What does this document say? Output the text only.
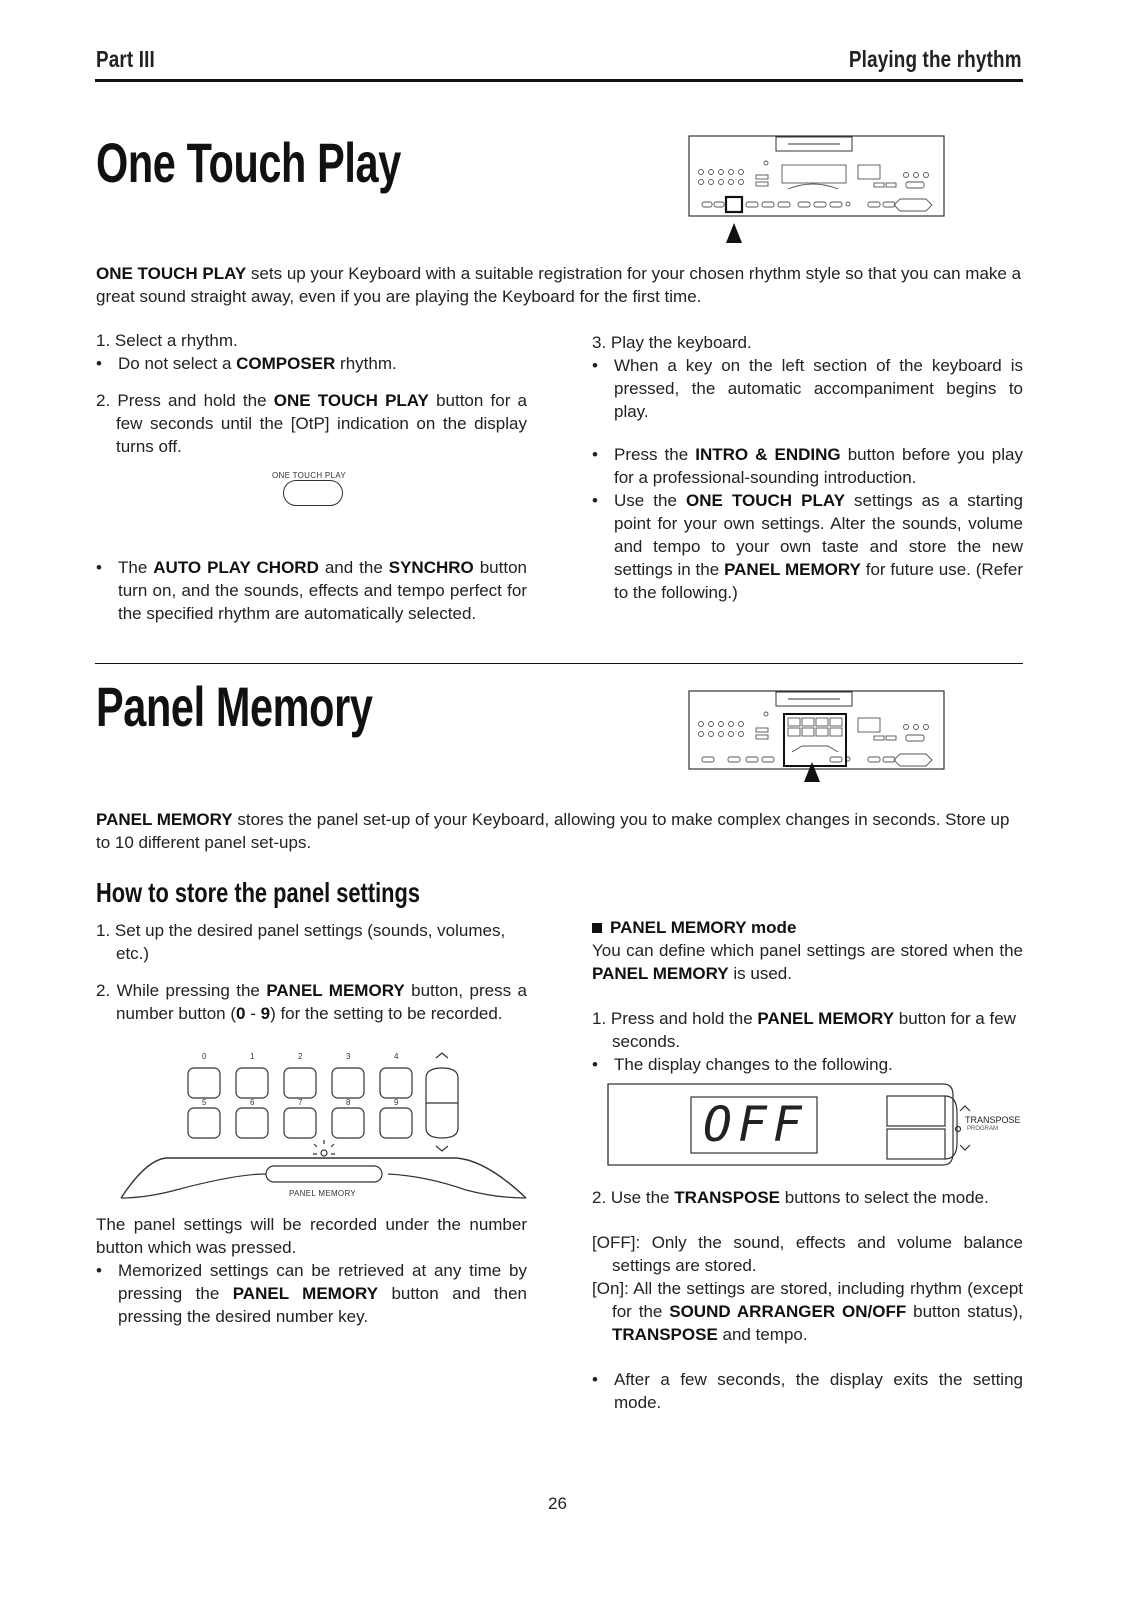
Part III	Playing the rhythm
One Touch Play
ONE TOUCH PLAY sets up your Keyboard with a suitable registration for your chosen rhythm style so that you can make a great sound straight away, even if you are playing the Keyboard for the first time.

1. Select a rhythm.

• Do not select a COMPOSER rhythm.

2. Press and hold the ONE TOUCH PLAY button for a few seconds until the [OtP] indication on the display turns off.

ONE TOUCH PLAY

• The AUTO PLAY CHORD and the SYNCHRO button turn on, and the sounds, effects and tempo perfect for the specified rhythm are automatically selected.

3. Play the keyboard.

• When a key on the left section of the keyboard is pressed, the automatic accompaniment begins to play.

• Press the INTRO & ENDING button before you play for a professional-sounding introduction.

• Use the ONE TOUCH PLAY settings as a starting point for your own settings. Alter the sounds, volume and tempo to your own taste and store the new settings in the PANEL MEMORY for future use. (Refer to the following.)

Panel Memory
PANEL MEMORY stores the panel set-up of your Keyboard, allowing you to make complex changes in seconds. Store up to 10 different panel set-ups.
How to store the panel settings

1. Set up the desired panel settings (sounds, volumes, etc.)

2. While pressing the PANEL MEMORY button, press a number button (0 - 9) for the setting to be recorded.

0	1	2	3	4
5	6	7	8	9
PANEL MEMORY

The panel settings will be recorded under the number button which was pressed.

• Memorized settings can be retrieved at any time by pressing the PANEL MEMORY button and then pressing the desired number key.

PANEL MEMORY mode

You can define which panel settings are stored when the PANEL MEMORY is used.

1. Press and hold the PANEL MEMORY button for a few seconds.

• The display changes to the following.

OFF	TRANSPOSE
PROGRAM

2. Use the TRANSPOSE buttons to select the mode.

[OFF]: Only the sound, effects and volume balance settings are stored.

[On]: All the settings are stored, including rhythm (except for the SOUND ARRANGER ON/OFF button status), TRANSPOSE and tempo.

• After a few seconds, the display exits the setting mode.

26
